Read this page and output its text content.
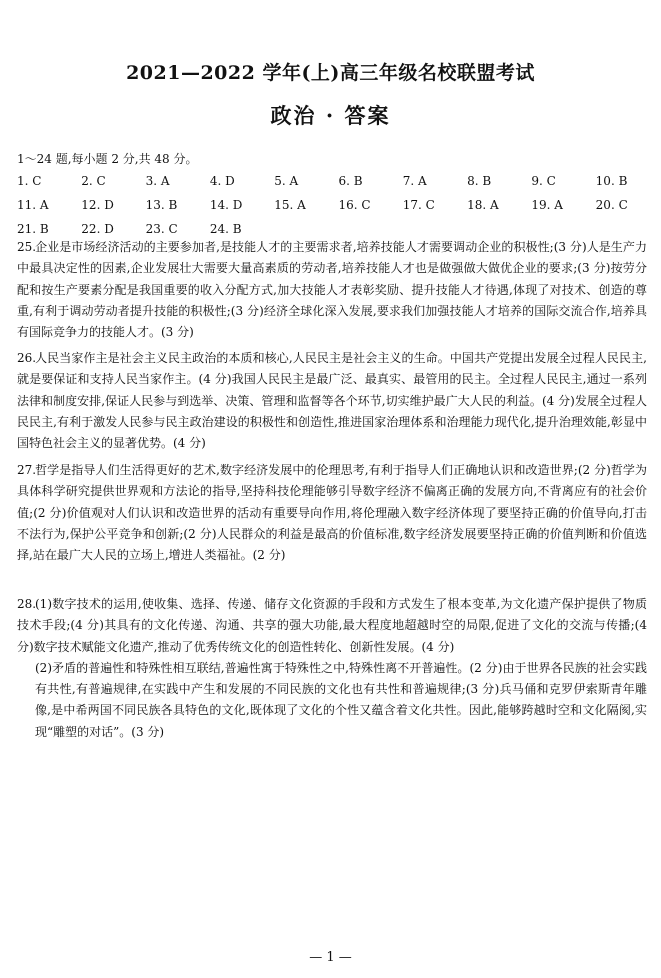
2021—2022 学年(上)高三年级名校联盟考试
政治 · 答案
1～24 题,每小题 2 分,共 48 分。
1. C	2. C	3. A	4. D	5. A	6. B	7. A	8. B	9. C	10. B
11. A	12. D	13. B	14. D	15. A	16. C	17. C	18. A	19. A	20. C
21. B	22. D	23. C	24. B

25.企业是市场经济活动的主要参加者,是技能人才的主要需求者,培养技能人才需要调动企业的积极性;(3 分)人是生产力中最具决定性的因素,企业发展壮大需要大量高素质的劳动者,培养技能人才也是做强做大做优企业的要求;(3 分)按劳分配和按生产要素分配是我国重要的收入分配方式,加大技能人才表彰奖励、提升技能人才待遇,体现了对技术、创造的尊重,有利于调动劳动者提升技能的积极性;(3 分)经济全球化深入发展,要求我们加强技能人才培养的国际交流合作,培养具有国际竞争力的技能人才。(3 分)

26.人民当家作主是社会主义民主政治的本质和核心,人民民主是社会主义的生命。中国共产党提出发展全过程人民民主,就是要保证和支持人民当家作主。(4 分)我国人民民主是最广泛、最真实、最管用的民主。全过程人民民主,通过一系列法律和制度安排,保证人民参与到选举、决策、管理和监督等各个环节,切实维护最广大人民的利益。(4 分)发展全过程人民民主,有利于激发人民参与民主政治建设的积极性和创造性,推进国家治理体系和治理能力现代化,提升治理效能,彰显中国特色社会主义的显著优势。(4 分)

27.哲学是指导人们生活得更好的艺术,数字经济发展中的伦理思考,有利于指导人们正确地认识和改造世界;(2 分)哲学为具体科学研究提供世界观和方法论的指导,坚持科技伦理能够引导数字经济不偏离正确的发展方向,不背离应有的社会价值;(2 分)价值观对人们认识和改造世界的活动有重要导向作用,将伦理融入数字经济体现了要坚持正确的价值导向,打击不法行为,保护公平竞争和创新;(2 分)人民群众的利益是最高的价值标准,数字经济发展要坚持正确的价值判断和价值选择,站在最广大人民的立场上,增进人类福祉。(2 分)

28.(1)数字技术的运用,使收集、选择、传递、储存文化资源的手段和方式发生了根本变革,为文化遗产保护提供了物质技术手段;(4 分)其具有的文化传递、沟通、共享的强大功能,最大程度地超越时空的局限,促进了文化的交流与传播;(4 分)数字技术赋能文化遗产,推动了优秀传统文化的创造性转化、创新性发展。(4 分)

(2)矛盾的普遍性和特殊性相互联结,普遍性寓于特殊性之中,特殊性离不开普遍性。(2 分)由于世界各民族的社会实践有共性,有普遍规律,在实践中产生和发展的不同民族的文化也有共性和普遍规律;(3 分)兵马俑和克罗伊索斯青年雕像,是中希两国不同民族各具特色的文化,既体现了文化的个性又蕴含着文化共性。因此,能够跨越时空和文化隔阂,实现“雕塑的对话”。(3 分)

— 1 —
